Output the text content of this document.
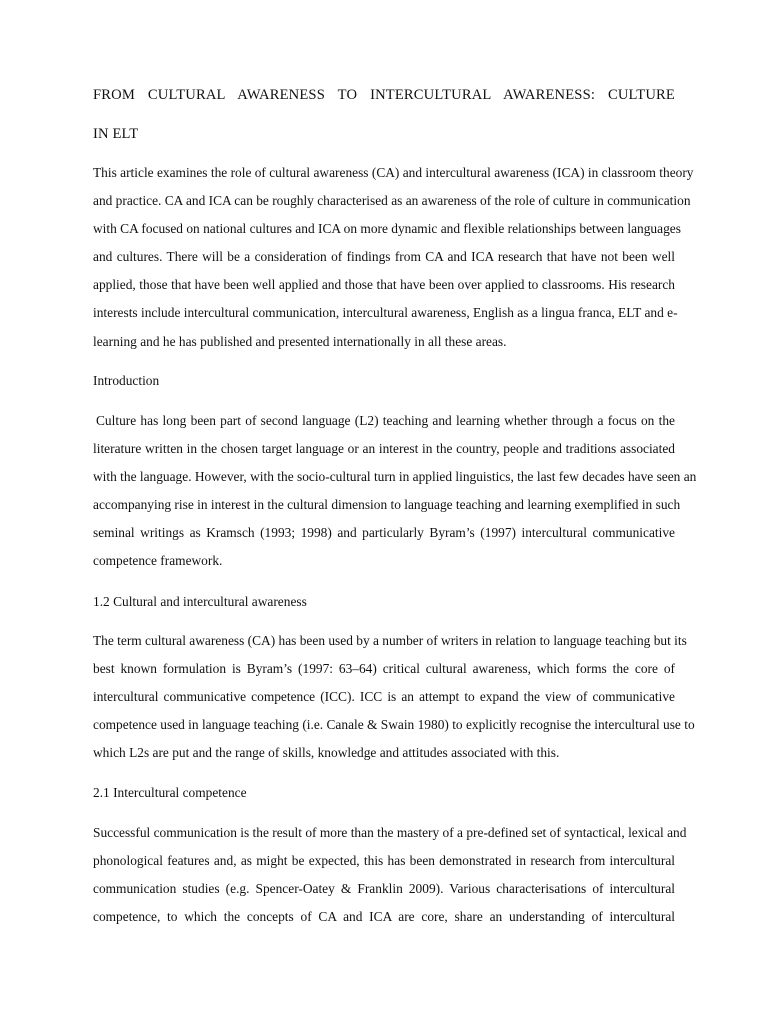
FROM CULTURAL AWARENESS TO INTERCULTURAL AWARENESS: CULTURE
IN ELT
This article examines the role of cultural awareness (CA) and intercultural awareness (ICA) in classroom theory
and practice. CA and ICA can be roughly characterised as an awareness of the role of culture in communication
with CA focused on national cultures and ICA on more dynamic and flexible relationships between languages
and cultures. There will be a consideration of findings from CA and ICA research that have not been well
applied, those that have been well applied and those that have been over applied to classrooms. His research
interests include intercultural communication, intercultural awareness, English as a lingua franca, ELT and e-
learning and he has published and presented internationally in all these areas.
Introduction
Culture has long been part of second language (L2) teaching and learning whether through a focus on the
literature written in the chosen target language or an interest in the country, people and traditions associated
with the language. However, with the socio-cultural turn in applied linguistics, the last few decades have seen an
accompanying rise in interest in the cultural dimension to language teaching and learning exemplified in such
seminal writings as Kramsch (1993; 1998) and particularly Byram’s (1997) intercultural communicative
competence framework.
1.2 Cultural and intercultural awareness
The term cultural awareness (CA) has been used by a number of writers in relation to language teaching but its
best known formulation is Byram’s (1997: 63–64) critical cultural awareness, which forms the core of
intercultural communicative competence (ICC). ICC is an attempt to expand the view of communicative
competence used in language teaching (i.e. Canale & Swain 1980) to explicitly recognise the intercultural use to
which L2s are put and the range of skills, knowledge and attitudes associated with this.
2.1 Intercultural competence
Successful communication is the result of more than the mastery of a pre-defined set of syntactical, lexical and
phonological features and, as might be expected, this has been demonstrated in research from intercultural
communication studies (e.g. Spencer-Oatey & Franklin 2009). Various characterisations of intercultural
competence, to which the concepts of CA and ICA are core, share an understanding of intercultural
